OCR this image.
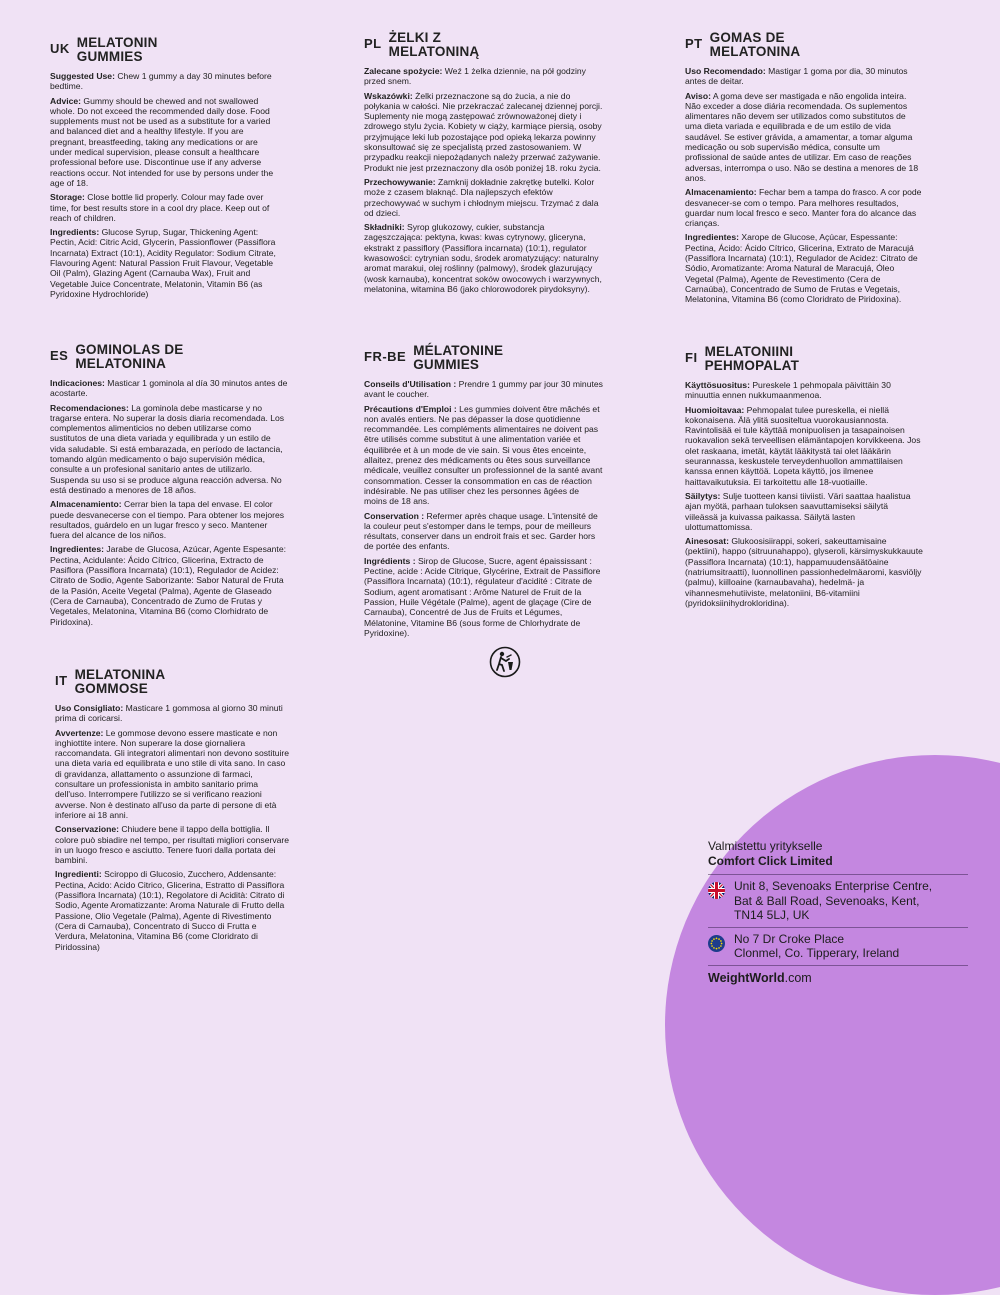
UK MELATONIN
GUMMIES

Suggested Use: Chew 1 gummy a day 30 minutes before bedtime.

Advice: Gummy should be chewed and not swallowed whole. Do not exceed the recommended daily dose. Food supplements must not be used as a substitute for a varied and balanced diet and a healthy lifestyle. If you are pregnant, breastfeeding, taking any medications or are under medical supervision, please consult a healthcare professional before use. Discontinue use if any adverse reactions occur. Not intended for use by persons under the age of 18.

Storage: Close bottle lid properly. Colour may fade over time, for best results store in a cool dry place. Keep out of reach of children.

Ingredients: Glucose Syrup, Sugar, Thickening Agent: Pectin, Acid: Citric Acid, Glycerin, Passionflower (Passiflora Incarnata) Extract (10:1), Acidity Regulator: Sodium Citrate, Flavouring Agent: Natural Passion Fruit Flavour, Vegetable Oil (Palm), Glazing Agent (Carnauba Wax), Fruit and Vegetable Juice Concentrate, Melatonin, Vitamin B6 (as Pyridoxine Hydrochloride)

ES GOMINOLAS DE
MELATONINA

Indicaciones: Masticar 1 gominola al día 30 minutos antes de acostarte.

Recomendaciones: La gominola debe masticarse y no tragarse entera. No superar la dosis diaria recomendada. Los complementos alimenticios no deben utilizarse como sustitutos de una dieta variada y equilibrada y un estilo de vida saludable. Si está embarazada, en período de lactancia, tomando algún medicamento o bajo supervisión médica, consulte a un profesional sanitario antes de utilizarlo. Suspenda su uso si se produce alguna reacción adversa. No está destinado a menores de 18 años.

Almacenamiento: Cerrar bien la tapa del envase. El color puede desvanecerse con el tiempo. Para obtener los mejores resultados, guárdelo en un lugar fresco y seco. Mantener fuera del alcance de los niños.

Ingredientes: Jarabe de Glucosa, Azúcar, Agente Espesante: Pectina, Acidulante: Ácido Cítrico, Glicerina, Extracto de Pasiflora (Passiflora Incarnata) (10:1), Regulador de Acidez: Citrato de Sodio, Agente Saborizante: Sabor Natural de Fruta de la Pasión, Aceite Vegetal (Palma), Agente de Glaseado (Cera de Carnauba), Concentrado de Zumo de Frutas y Vegetales, Melatonina, Vitamina B6 (como Clorhidrato de Piridoxina).

IT MELATONINA
GOMMOSE

Uso Consigliato: Masticare 1 gommosa al giorno 30 minuti prima di coricarsi.

Avvertenze: Le gommose devono essere masticate e non inghiottite intere. Non superare la dose giornaliera raccomandata. Gli integratori alimentari non devono sostituire una dieta varia ed equilibrata e uno stile di vita sano. In caso di gravidanza, allattamento o assunzione di farmaci, consultare un professionista in ambito sanitario prima dell'uso. Interrompere l'utilizzo se si verificano reazioni avverse. Non è destinato all'uso da parte di persone di età inferiore ai 18 anni.

Conservazione: Chiudere bene il tappo della bottiglia. Il colore può sbiadire nel tempo, per risultati migliori conservare in un luogo fresco e asciutto. Tenere fuori dalla portata dei bambini.

Ingredienti: Sciroppo di Glucosio, Zucchero, Addensante: Pectina, Acido: Acido Citrico, Glicerina, Estratto di Passiflora (Passiflora Incarnata) (10:1), Regolatore di Acidità: Citrato di Sodio, Agente Aromatizzante: Aroma Naturale di Frutto della Passione, Olio Vegetale (Palma), Agente di Rivestimento (Cera di Carnauba), Concentrato di Succo di Frutta e Verdura, Melatonina, Vitamina B6 (come Cloridrato di Piridossina)

PL ŻELKI Z
MELATONINĄ

Zalecane spożycie: Weź 1 żelka dziennie, na pół godziny przed snem.

Wskazówki: Żelki przeznaczone są do żucia, a nie do połykania w całości. Nie przekraczać zalecanej dziennej porcji. Suplementy nie mogą zastępować zrównoważonej diety i zdrowego stylu życia. Kobiety w ciąży, karmiące piersią, osoby przyjmujące leki lub pozostające pod opieką lekarza powinny skonsultować się ze specjalistą przed zastosowaniem. W przypadku reakcji niepożądanych należy przerwać zażywanie. Produkt nie jest przeznaczony dla osób poniżej 18. roku życia.

Przechowywanie: Zamknij dokładnie zakrętkę butelki. Kolor może z czasem blaknąć. Dla najlepszych efektów przechowywać w suchym i chłodnym miejscu. Trzymać z dala od dzieci.

Składniki: Syrop glukozowy, cukier, substancja zagęszczająca: pektyna, kwas: kwas cytrynowy, gliceryna, ekstrakt z passiflory (Passiflora incarnata) (10:1), regulator kwasowości: cytrynian sodu, środek aromatyzujący: naturalny aromat marakui, olej roślinny (palmowy), środek glazurujący (wosk karnauba), koncentrat soków owocowych i warzywnych, melatonina, witamina B6 (jako chlorowodorek pirydoksyny).

FR-BE MÉLATONINE
GUMMIES

Conseils d'Utilisation : Prendre 1 gummy par jour 30 minutes avant le coucher.

Précautions d'Emploi : Les gummies doivent être mâchés et non avalés entiers. Ne pas dépasser la dose quotidienne recommandée. Les compléments alimentaires ne doivent pas être utilisés comme substitut à une alimentation variée et équilibrée et à un mode de vie sain. Si vous êtes enceinte, allaitez, prenez des médicaments ou êtes sous surveillance médicale, veuillez consulter un professionnel de la santé avant consommation. Cesser la consommation en cas de réaction indésirable. Ne pas utiliser chez les personnes âgées de moins de 18 ans.

Conservation : Refermer après chaque usage. L'intensité de la couleur peut s'estomper dans le temps, pour de meilleurs résultats, conserver dans un endroit frais et sec. Garder hors de portée des enfants.

Ingrédients : Sirop de Glucose, Sucre, agent épaississant : Pectine, acide : Acide Citrique, Glycérine, Extrait de Passiflore (Passiflora Incarnata) (10:1), régulateur d'acidité : Citrate de Sodium, agent aromatisant : Arôme Naturel de Fruit de la Passion, Huile Végétale (Palme), agent de glaçage (Cire de Carnauba), Concentré de Jus de Fruits et Légumes, Mélatonine, Vitamine B6 (sous forme de Chlorhydrate de Pyridoxine).

PT GOMAS DE
MELATONINA

Uso Recomendado: Mastigar 1 goma por dia, 30 minutos antes de deitar.

Aviso: A goma deve ser mastigada e não engolida inteira. Não exceder a dose diária recomendada. Os suplementos alimentares não devem ser utilizados como substitutos de uma dieta variada e equilibrada e de um estilo de vida saudável. Se estiver grávida, a amamentar, a tomar alguma medicação ou sob supervisão médica, consulte um profissional de saúde antes de utilizar. Em caso de reações adversas, interrompa o uso. Não se destina a menores de 18 anos.

Almacenamiento: Fechar bem a tampa do frasco. A cor pode desvanecer-se com o tempo. Para melhores resultados, guardar num local fresco e seco. Manter fora do alcance das crianças.

Ingredientes: Xarope de Glucose, Açúcar, Espessante: Pectina, Ácido: Ácido Cítrico, Glicerina, Extrato de Maracujá (Passiflora Incarnata) (10:1), Regulador de Acidez: Citrato de Sódio, Aromatizante: Aroma Natural de Maracujá, Óleo Vegetal (Palma), Agente de Revestimento (Cera de Carnaúba), Concentrado de Sumo de Frutas e Vegetais, Melatonina, Vitamina B6 (como Cloridrato de Piridoxina).

FI MELATONIINI
PEHMOPALAT

Käyttösuositus: Pureskele 1 pehmopala päivittäin 30 minuuttia ennen nukkumaanmenoa.

Huomioitavaa: Pehmopalat tulee pureskella, ei niellä kokonaisena. Älä ylitä suositeltua vuorokausiannosta. Ravintolisää ei tule käyttää monipuolisen ja tasapainoisen ruokavalion sekä terveellisen elämäntapojen korvikkeena. Jos olet raskaana, imetät, käytät lääkitystä tai olet lääkärin seurannassa, keskustele terveydenhuollon ammattilaisen kanssa ennen käyttöä. Lopeta käyttö, jos ilmenee haittavaikutuksia. Ei tarkoitettu alle 18-vuotiaille.

Säilytys: Sulje tuotteen kansi tiiviisti. Väri saattaa haalistua ajan myötä, parhaan tuloksen saavuttamiseksi säilytä viileässä ja kuivassa paikassa. Säilytä lasten ulottumattomissa.

Ainesosat: Glukoosisiirappi, sokeri, sakeuttamisaine (pektiini), happo (sitruunahappo), glyseroli, kärsimyskukkauute (Passiflora Incarnata) (10:1), happamuudensäätöaine (natriumsitraatti), luonnollinen passionhedelmäaromi, kasviöljy (palmu), kiilloaine (karnaubavaha), hedelmä- ja vihannesmehutiiviste, melatoniini, B6-vitamiini (pyridoksiinihydrokloridina).

Valmistettu yritykselle
Comfort Click Limited
Unit 8, Sevenoaks Enterprise Centre,
Bat & Ball Road, Sevenoaks, Kent,
TN14 5LJ, UK
No 7 Dr Croke Place
Clonmel, Co. Tipperary, Ireland
WeightWorld.com
